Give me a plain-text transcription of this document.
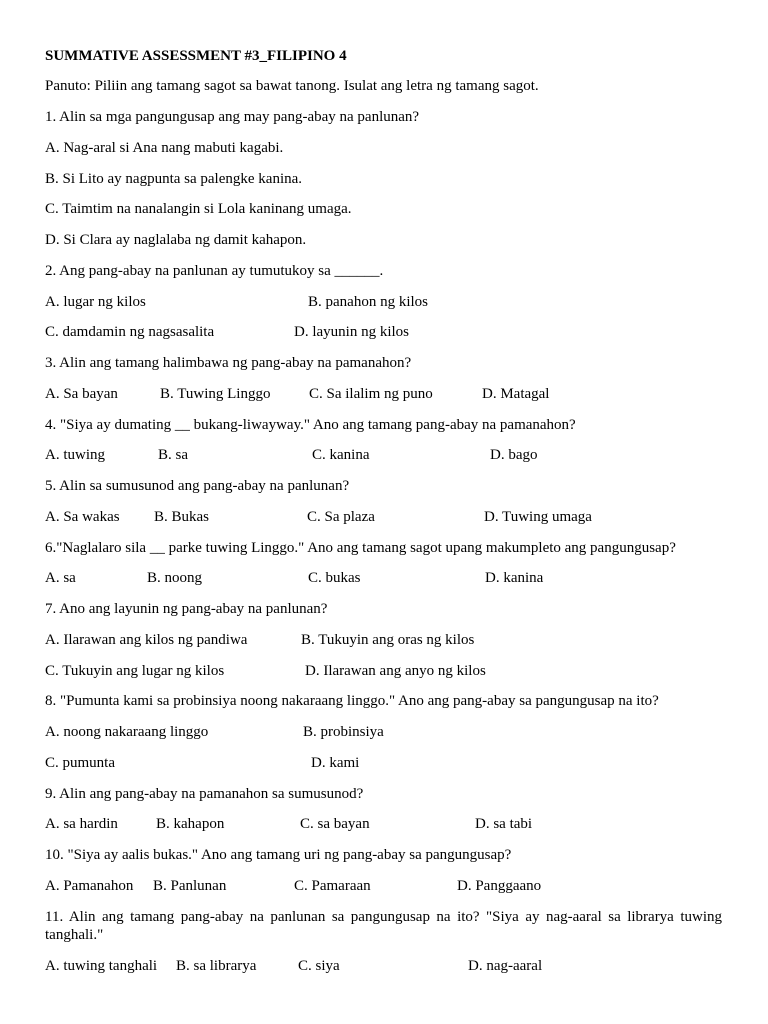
SUMMATIVE ASSESSMENT #3_FILIPINO 4
Panuto: Piliin ang tamang sagot sa bawat tanong. Isulat ang letra ng tamang sagot.
1. Alin sa mga pangungusap ang may pang-abay na panlunan?
A. Nag-aral si Ana nang mabuti kagabi.
B. Si Lito ay nagpunta sa palengke kanina.
C. Taimtim na nanalangin si Lola kaninang umaga.
D. Si Clara ay naglalaba ng damit kahapon.
2. Ang pang-abay na panlunan ay tumutukoy sa ______.
A. lugar ng kilos	B. panahon ng kilos
C. damdamin ng nagsasalita	D. layunin ng kilos
3. Alin ang tamang halimbawa ng pang-abay na pamanahon?
A. Sa bayan	B. Tuwing Linggo	C. Sa ilalim ng puno	D. Matagal
4. "Siya ay dumating __ bukang-liwayway." Ano ang tamang pang-abay na pamanahon?
A. tuwing	B. sa	C. kanina	D. bago
5. Alin sa sumusunod ang pang-abay na panlunan?
A. Sa wakas B. Bukas	C. Sa plaza	D. Tuwing umaga
6."Naglalaro sila __ parke tuwing Linggo." Ano ang tamang sagot upang makumpleto ang pangungusap?
A. sa	B. noong	C. bukas	D. kanina
7. Ano ang layunin ng pang-abay na panlunan?
A. Ilarawan ang kilos ng pandiwa	B. Tukuyin ang oras ng kilos
C. Tukuyin ang lugar ng kilos	D. Ilarawan ang anyo ng kilos
8. "Pumunta kami sa probinsiya noong nakaraang linggo." Ano ang pang-abay sa pangungusap na ito?
A. noong nakaraang linggo	B. probinsiya
C. pumunta	D. kami
9. Alin ang pang-abay na pamanahon sa sumusunod?
A. sa hardin	B. kahapon	C. sa bayan	D. sa tabi
10. "Siya ay aalis bukas." Ano ang tamang uri ng pang-abay sa pangungusap?
A. Pamanahon B. Panlunan	C. Pamaraan	D. Panggaano
11. Alin ang tamang pang-abay na panlunan sa pangungusap na ito? "Siya ay nag-aaral sa librarya tuwing tanghali."
A. tuwing tanghali B. sa librarya	C. siya	D. nag-aaral
